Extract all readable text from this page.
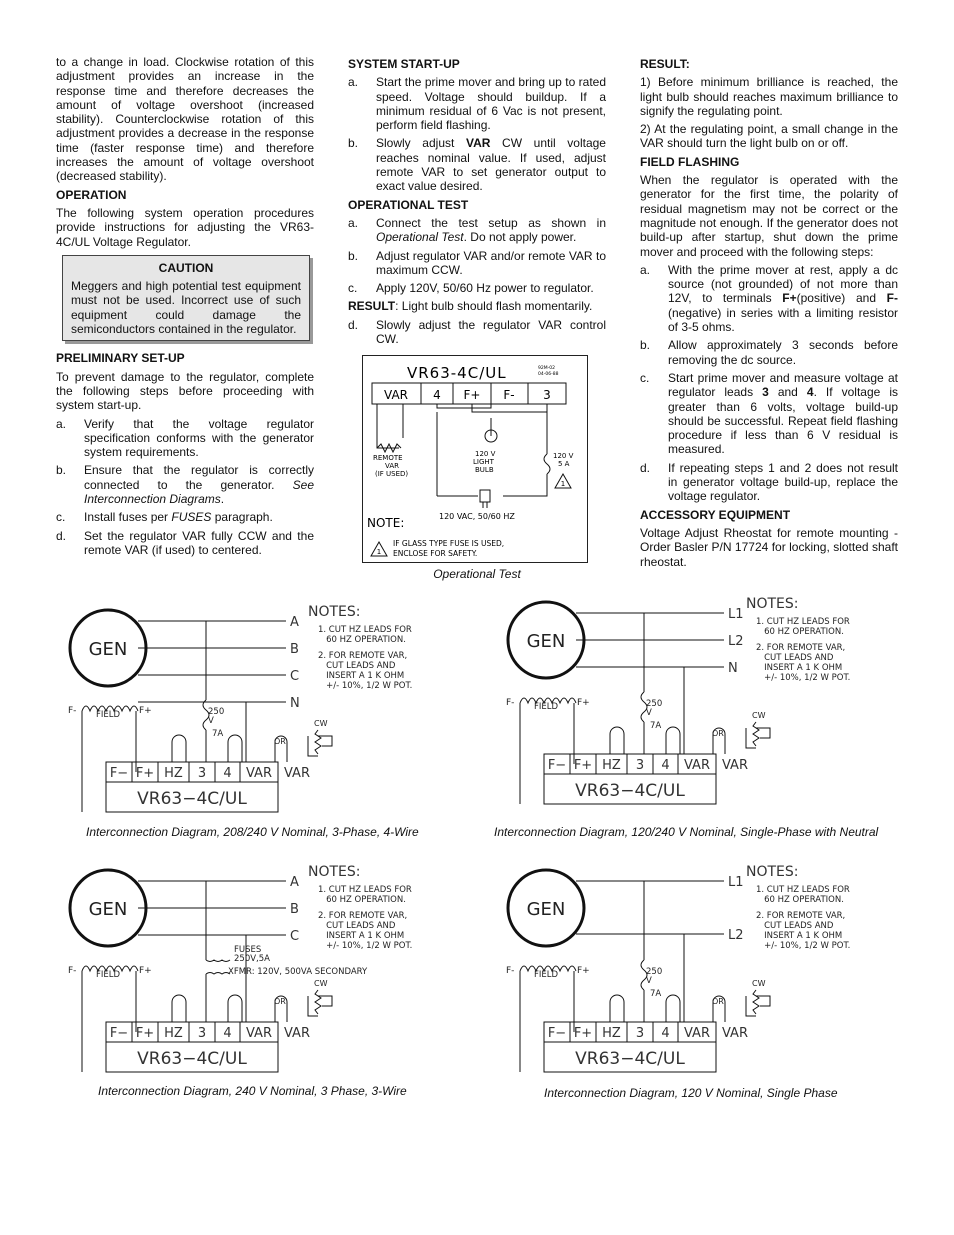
to a change in load. Clockwise rotation of this adjustment provides an increase in the response time and therefore decreases the amount of voltage overshoot (increased stability). Counterclockwise rotation of this adjustment provides a decrease in the response time (faster response time) and therefore increases the amount of voltage overshoot (decreased stability).

OPERATION

The following system operation procedures provide instructions for adjusting the VR63-4C/UL Voltage Regulator.

CAUTION

Meggers and high potential test equipment must not be used. Incorrect use of such equipment could damage the semiconductors contained in the regulator.

PRELIMINARY SET-UP

To prevent damage to the regulator, complete the following steps before proceeding with system start-up.

a.	Verify that the voltage regulator specification conforms with the generator system requirements.
b.	Ensure that the regulator is correctly connected to the generator. See Interconnection Diagrams.
c.	Install fuses per FUSES paragraph.
d.	Set the regulator VAR fully CCW and the remote VAR (if used) to centered.
SYSTEM START-UP
a.	Start the prime mover and bring up to rated speed. Voltage should buildup. If a minimum residual of 6 Vac is not present, perform field flashing.
b.	Slowly adjust VAR CW until voltage reaches nominal value. If used, adjust remote VAR to set generator output to exact value desired.
OPERATIONAL TEST
a.	Connect the test setup as shown in Operational Test. Do not apply power.
b.	Adjust regulator VAR and/or remote VAR to maximum CCW.
c.	Apply 120V, 50/60 Hz power to regulator.

RESULT: Light bulb should flash momentarily.

d.	Slowly adjust the regulator VAR control CW.
VR63-4C/UL	92M-02
04-06-88
VAR 4 F+ F- 3
REMOTE
VAR
(IF USED)
120 V
LIGHT
BULB
120 V
5 A
1
120 VAC, 50/60 HZ
NOTE:
1
IF GLASS TYPE FUSE IS USED,
ENCLOSE FOR SAFETY.
Operational Test
RESULT:

1) Before minimum brilliance is reached, the light bulb should reaches maximum brilliance to signify the regulating point.

2) At the regulating point, a small change in the VAR should turn the light bulb on or off.

FIELD FLASHING

When the regulator is operated with the generator for the first time, the polarity of residual magnetism may not be correct or the magnitude not enough. If the generator does not build-up after startup, shut down the prime mover and proceed with the following steps:

a.	With the prime mover at rest, apply a dc source (not grounded) of not more than 12V, to terminals F+(positive) and F-(negative) in series with a limiting resistor of 3-5 ohms.
b.	Allow approximately 3 seconds before removing the dc source.
c.	Start prime mover and measure voltage at regulator leads 3 and 4. If voltage is greater than 6 volts, voltage build-up should be successful. Repeat field flashing procedure if less than 6 V residual is measured.
d.	If repeating steps 1 and 2 does not result in generator voltage build-up, replace the voltage regulator.
ACCESSORY EQUIPMENT

Voltage Adjust Rheostat for remote mounting - Order Basler P/N 17724 for locking, slotted shaft rheostat.

GEN
A
B
C
N
NOTES:
1. CUT HZ LEADS FOR
60 HZ OPERATION.
2. FOR REMOTE VAR,
CUT LEADS AND
INSERT A 1 K OHM
+/- 10%, 1/2 W POT.
F− F+ HZ 3 4 VAR VAR
VR63−4C/UL
F-	F+
FIELD	250
V
7A
CW
OR
Interconnection Diagram, 208/240 V Nominal, 3-Phase, 4-Wire
GEN
L1
L2
N
NOTES:
1. CUT HZ LEADS FOR
60 HZ OPERATION.
2. FOR REMOTE VAR,
CUT LEADS AND
INSERT A 1 K OHM
+/- 10%, 1/2 W POT.
F− F+ HZ 3 4 VAR VAR
VR63−4C/UL
F-	F+
FIELD	250
V
7A
CW
OR
Interconnection Diagram, 120/240 V Nominal, Single-Phase with Neutral
GEN
A
B
C
NOTES:
1. CUT HZ LEADS FOR
60 HZ OPERATION.
2. FOR REMOTE VAR,
CUT LEADS AND
INSERT A 1 K OHM
+/- 10%, 1/2 W POT.
F− F+ HZ 3 4 VAR VAR
VR63−4C/UL
F-	F+
FIELD
FUSES
250V,5A
XFMR: 120V, 500VA SECONDARY
CW
OR
Interconnection Diagram, 240 V Nominal, 3 Phase, 3-Wire
GEN
L1
L2
NOTES:
1. CUT HZ LEADS FOR
60 HZ OPERATION.
2. FOR REMOTE VAR,
CUT LEADS AND
INSERT A 1 K OHM
+/- 10%, 1/2 W POT.
F− F+ HZ 3 4 VAR VAR
VR63−4C/UL
F-	F+
FIELD	250
V
7A
CW
OR
Interconnection Diagram, 120 V Nominal, Single Phase
